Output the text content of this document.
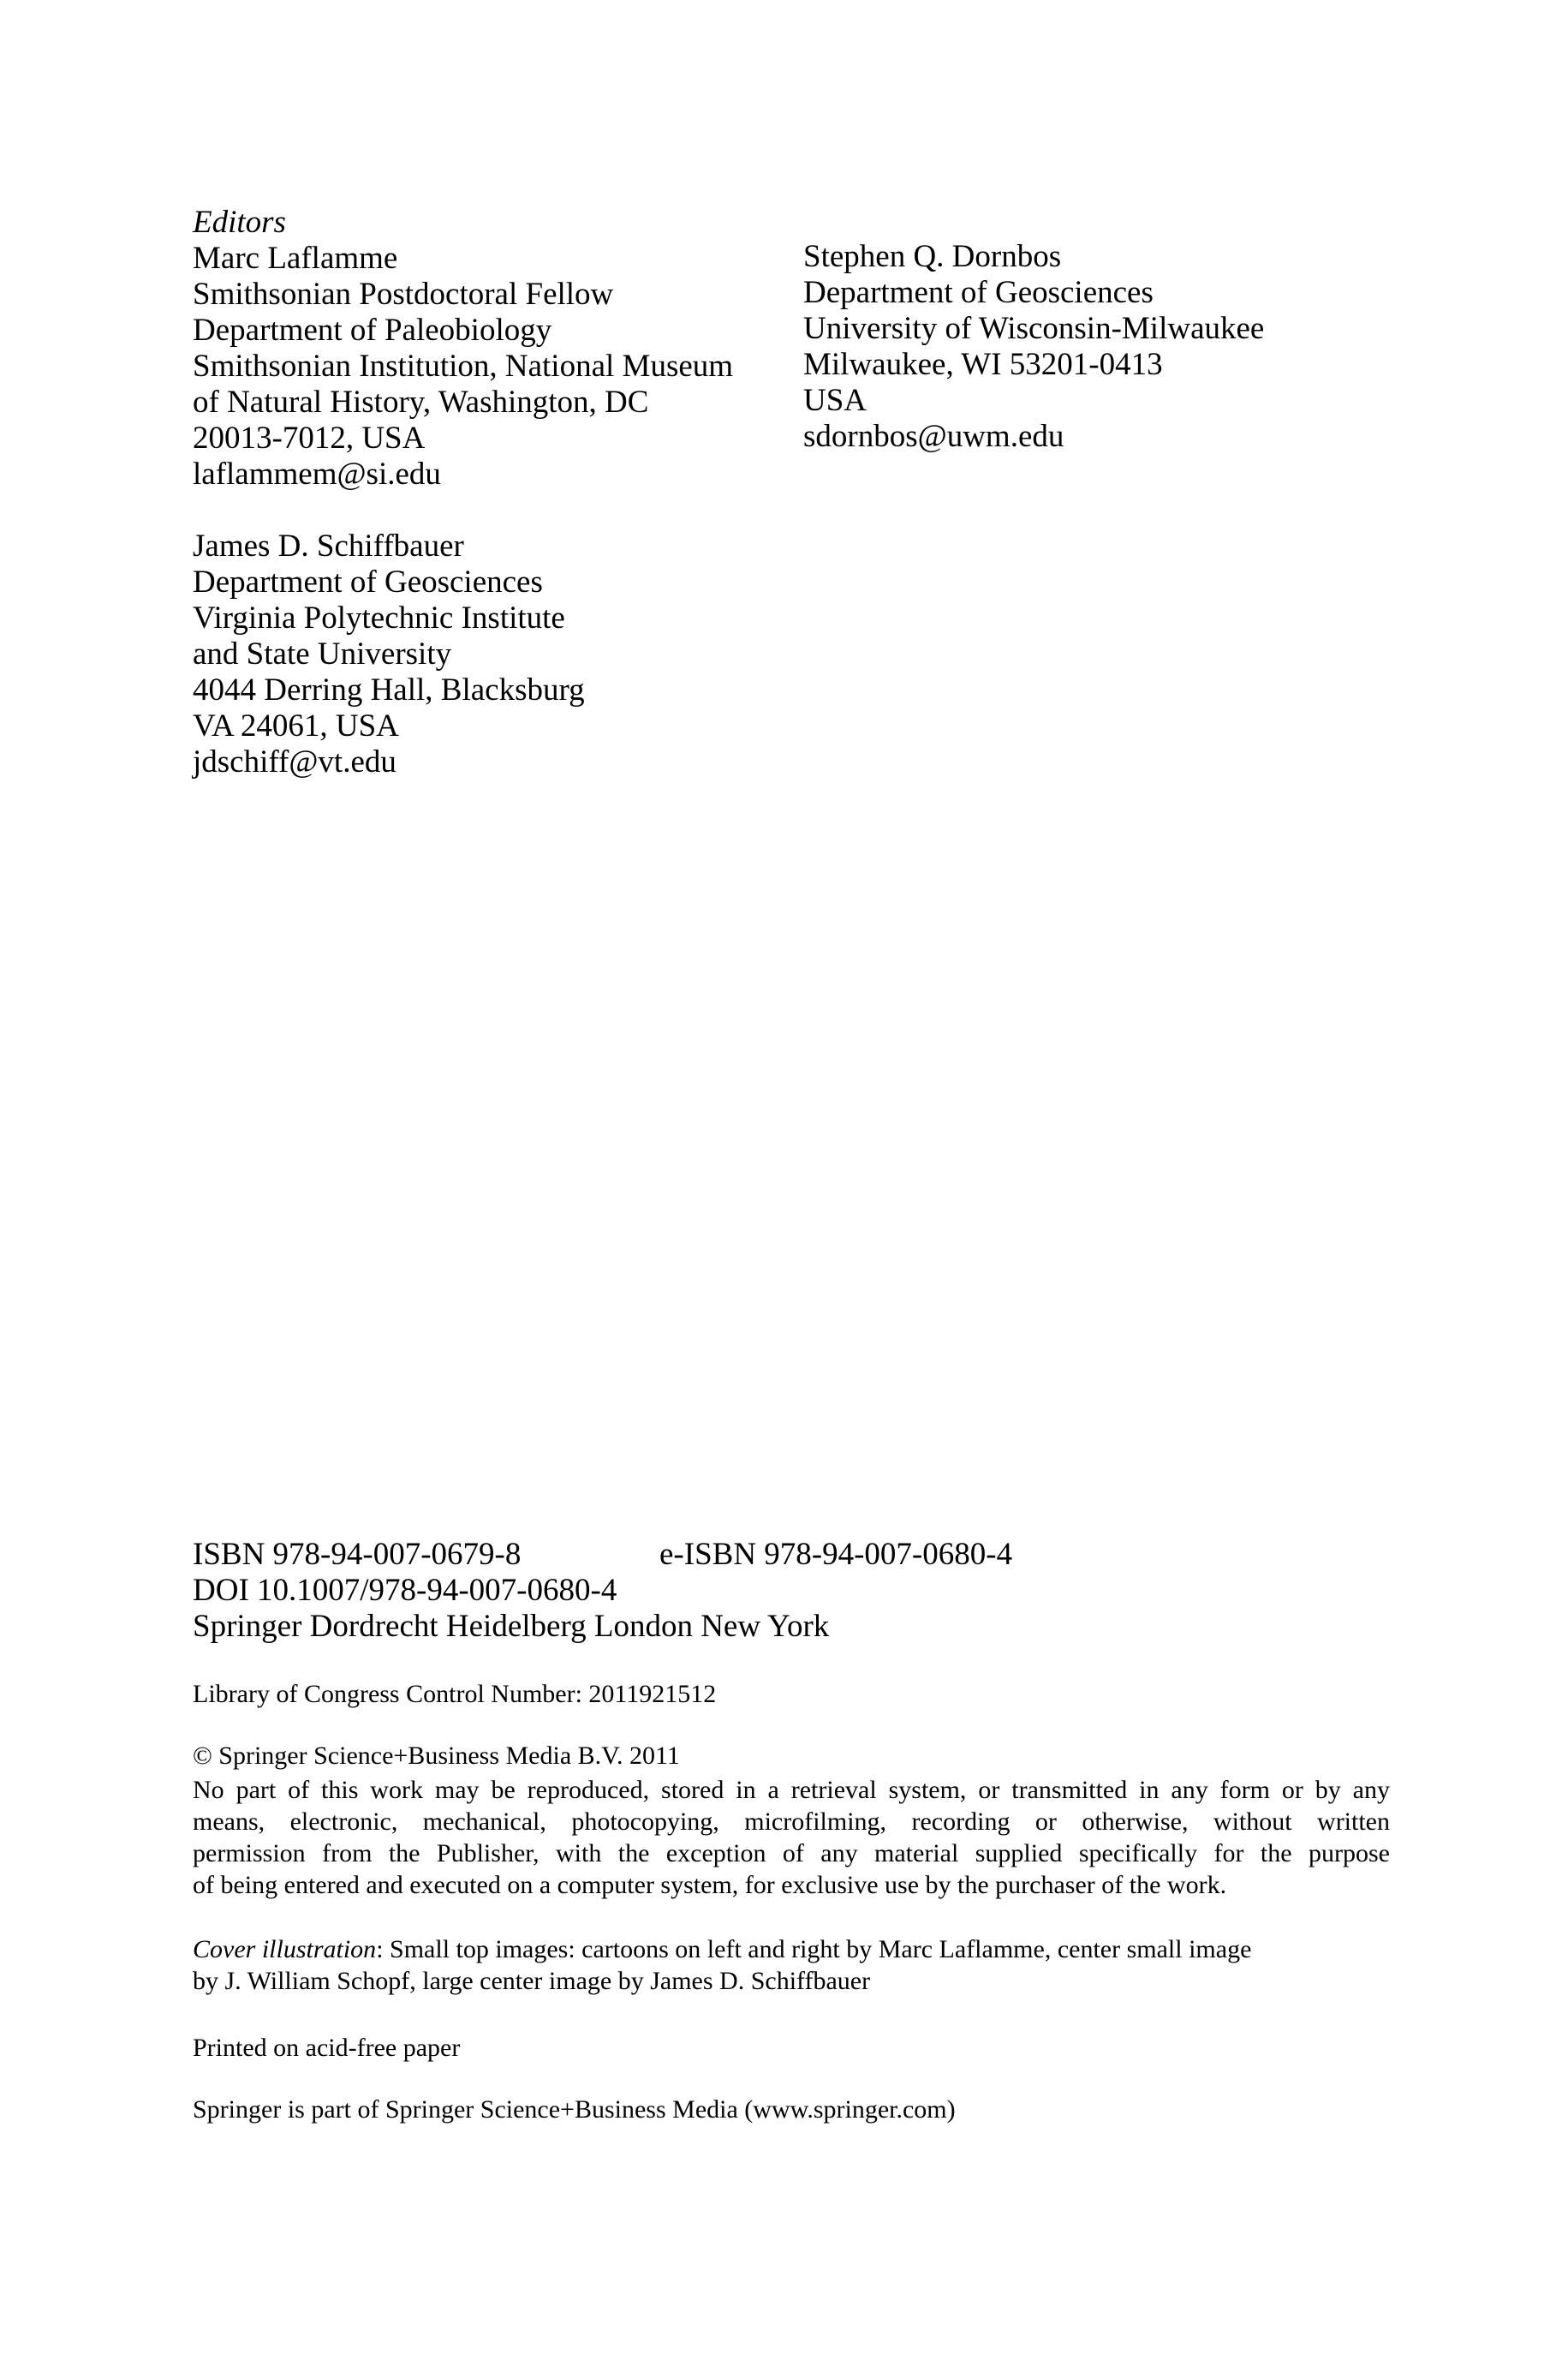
Editors
Marc Laflamme
Smithsonian Postdoctoral Fellow
Department of Paleobiology
Smithsonian Institution, National Museum
of Natural History, Washington, DC
20013-7012, USA
laflammem@si.edu
James D. Schiffbauer
Department of Geosciences
Virginia Polytechnic Institute
and State University
4044 Derring Hall, Blacksburg
VA 24061, USA
jdschiff@vt.edu
Stephen Q. Dornbos
Department of Geosciences
University of Wisconsin-Milwaukee
Milwaukee, WI 53201-0413
USA
sdornbos@uwm.edu
ISBN 978-94-007-0679-8	e-ISBN 978-94-007-0680-4
DOI 10.1007/978-94-007-0680-4
Springer Dordrecht Heidelberg London New York
Library of Congress Control Number: 2011921512
© Springer Science+Business Media B.V. 2011
No part of this work may be reproduced, stored in a retrieval system, or transmitted in any form or by any
means, electronic, mechanical, photocopying, microfilming, recording or otherwise, without written
permission from the Publisher, with the exception of any material supplied specifically for the purpose
of being entered and executed on a computer system, for exclusive use by the purchaser of the work.
Cover illustration: Small top images: cartoons on left and right by Marc Laflamme, center small image
by J. William Schopf, large center image by James D. Schiffbauer
Printed on acid-free paper
Springer is part of Springer Science+Business Media (www.springer.com)
